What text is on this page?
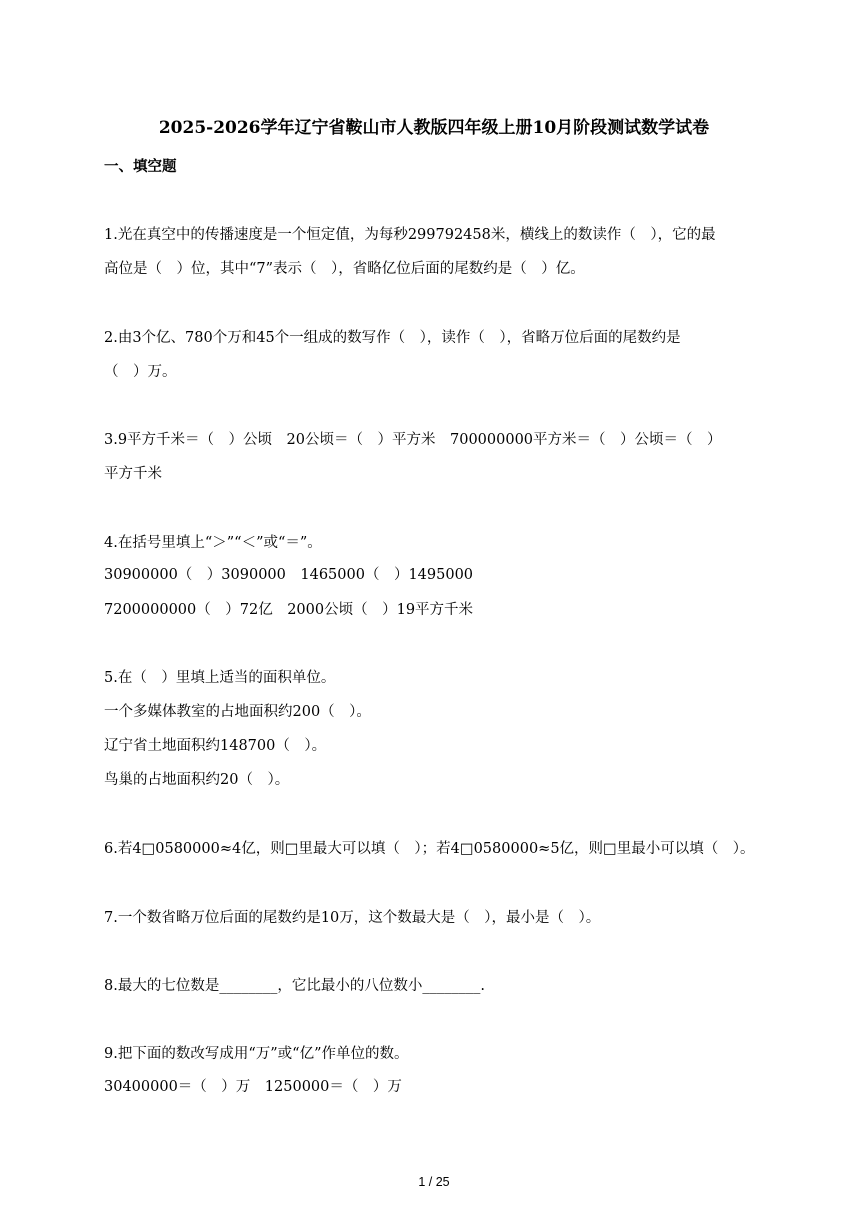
2025-2026学年辽宁省鞍山市人教版四年级上册10月阶段测试数学试卷
一、填空题
1.光在真空中的传播速度是一个恒定值，为每秒299792458米，横线上的数读作（　），它的最
高位是（　）位，其中“7”表示（　），省略亿位后面的尾数约是（　）亿。
2.由3个亿、780个万和45个一组成的数写作（　），读作（　），省略万位后面的尾数约是
（　）万。
3.9平方千米＝（　）公顷　20公顷＝（　）平方米　700000000平方米＝（　）公顷＝（　）
平方千米
4.在括号里填上“＞”“＜”或“＝”。
30900000（　）3090000　1465000（　）1495000
7200000000（　）72亿　2000公顷（　）19平方千米
5.在（　）里填上适当的面积单位。
一个多媒体教室的占地面积约200（　）。
辽宁省土地面积约148700（　）。
鸟巢的占地面积约20（　）。
6.若4□0580000≈4亿，则□里最大可以填（　）；若4□0580000≈5亿，则□里最小可以填（　）。
7.一个数省略万位后面的尾数约是10万，这个数最大是（　），最小是（　）。
8.最大的七位数是________，它比最小的八位数小________.
9.把下面的数改写成用“万”或“亿”作单位的数。
30400000＝（　）万　1250000＝（　）万
1 / 25
